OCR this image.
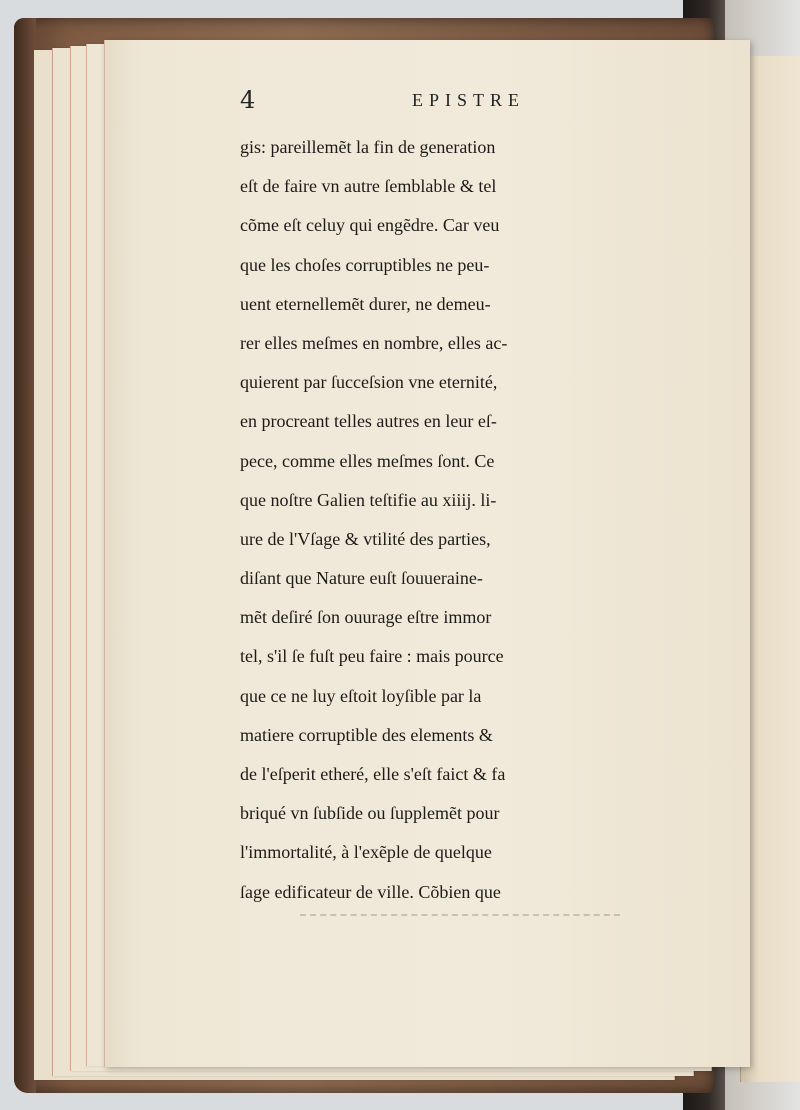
4	EPISTRE
gis: pareillemẽt la fin de generation
eſt de faire vn autre ſemblable & tel
cõme eſt celuy qui engẽdre. Car veu
que les choſes corruptibles ne peu-
uent eternellemẽt durer, ne demeu-
rer elles meſmes en nombre, elles ac-
quierent par ſucceſsion vne eternité,
en procreant telles autres en leur eſ-
pece, comme elles meſmes ſont. Ce
que noſtre Galien teſtifie au xiiij. li-
ure de l'Vſage & vtilité des parties,
diſant que Nature euſt ſouueraine-
mẽt deſiré ſon ouurage eſtre immor
tel, s'il ſe fuſt peu faire : mais pource
que ce ne luy eſtoit loyſible par la
matiere corruptible des elements &
de l'eſperit etheré, elle s'eſt faict & fa
briqué vn ſubſide ou ſupplemẽt pour
l'immortalité, à l'exẽple de quelque
ſage edificateur de ville. Cõbien que
